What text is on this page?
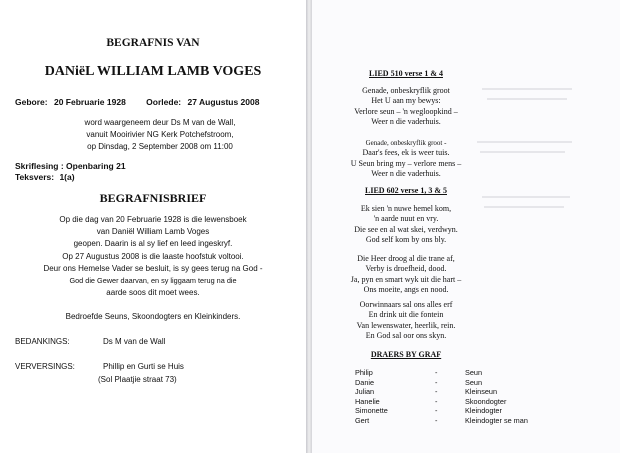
BEGRAFNIS VAN
DANiëL WILLIAM LAMB VOGES
Gebore: 20 Februarie 1928 Oorlede: 27 Augustus 2008
word waargeneem deur Ds M van de Wall,
vanuit Mooirivier NG Kerk Potchefstroom,
op Dinsdag, 2 September 2008 om 11:00
Skriflesing : Openbaring 21
Teksvers: 1(a)
BEGRAFNISBRIEF
Op die dag van 20 Februarie 1928 is die lewensboek
van Daniël William Lamb Voges
geopen. Daarin is al sy lief en leed ingeskryf.
Op 27 Augustus 2008 is die laaste hoofstuk voltooi.
Deur ons Hemelse Vader se besluit, is sy gees terug na God -
God die Gewer daarvan, en sy liggaam terug na die
aarde soos dit moet wees.
Bedroefde Seuns, Skoondogters en Kleinkinders.
BEDANKINGS:	Ds M van de Wall
VERVERSINGS:	Phillip en Gurti se Huis
(Sol Plaatjie straat 73)
LIED 510 verse 1 & 4
Genade, onbeskryflik groot
Het U aan my bewys:
Verlore seun – 'n wegloopkind –
Weer n die vaderhuis.
Genade, onbeskryflik groot -
Daar's fees, ek is weer tuis.
U Seun bring my – verlore mens –
Weer n die vaderhuis.
LIED 602 verse 1, 3 & 5
Ek sien 'n nuwe hemel kom,
'n aarde nuut en vry.
Die see en al wat skei, verdwyn.
God self kom by ons bly.
Die Heer droog al die trane af,
Verby is droefheid, dood.
Ja, pyn en smart wyk uit die hart –
Ons moeite, angs en nood.
Oorwinnaars sal ons alles erf
En drink uit die fontein
Van lewenswater, heerlik, rein.
En God sal oor ons skyn.
DRAERS BY GRAF
Philip	-	Seun
Danie	-	Seun
Julian	-	Kleinseun
Hanelie	-	Skoondogter
Simonette	-	Kleindogter
Gert	-	Kleindogter se man
